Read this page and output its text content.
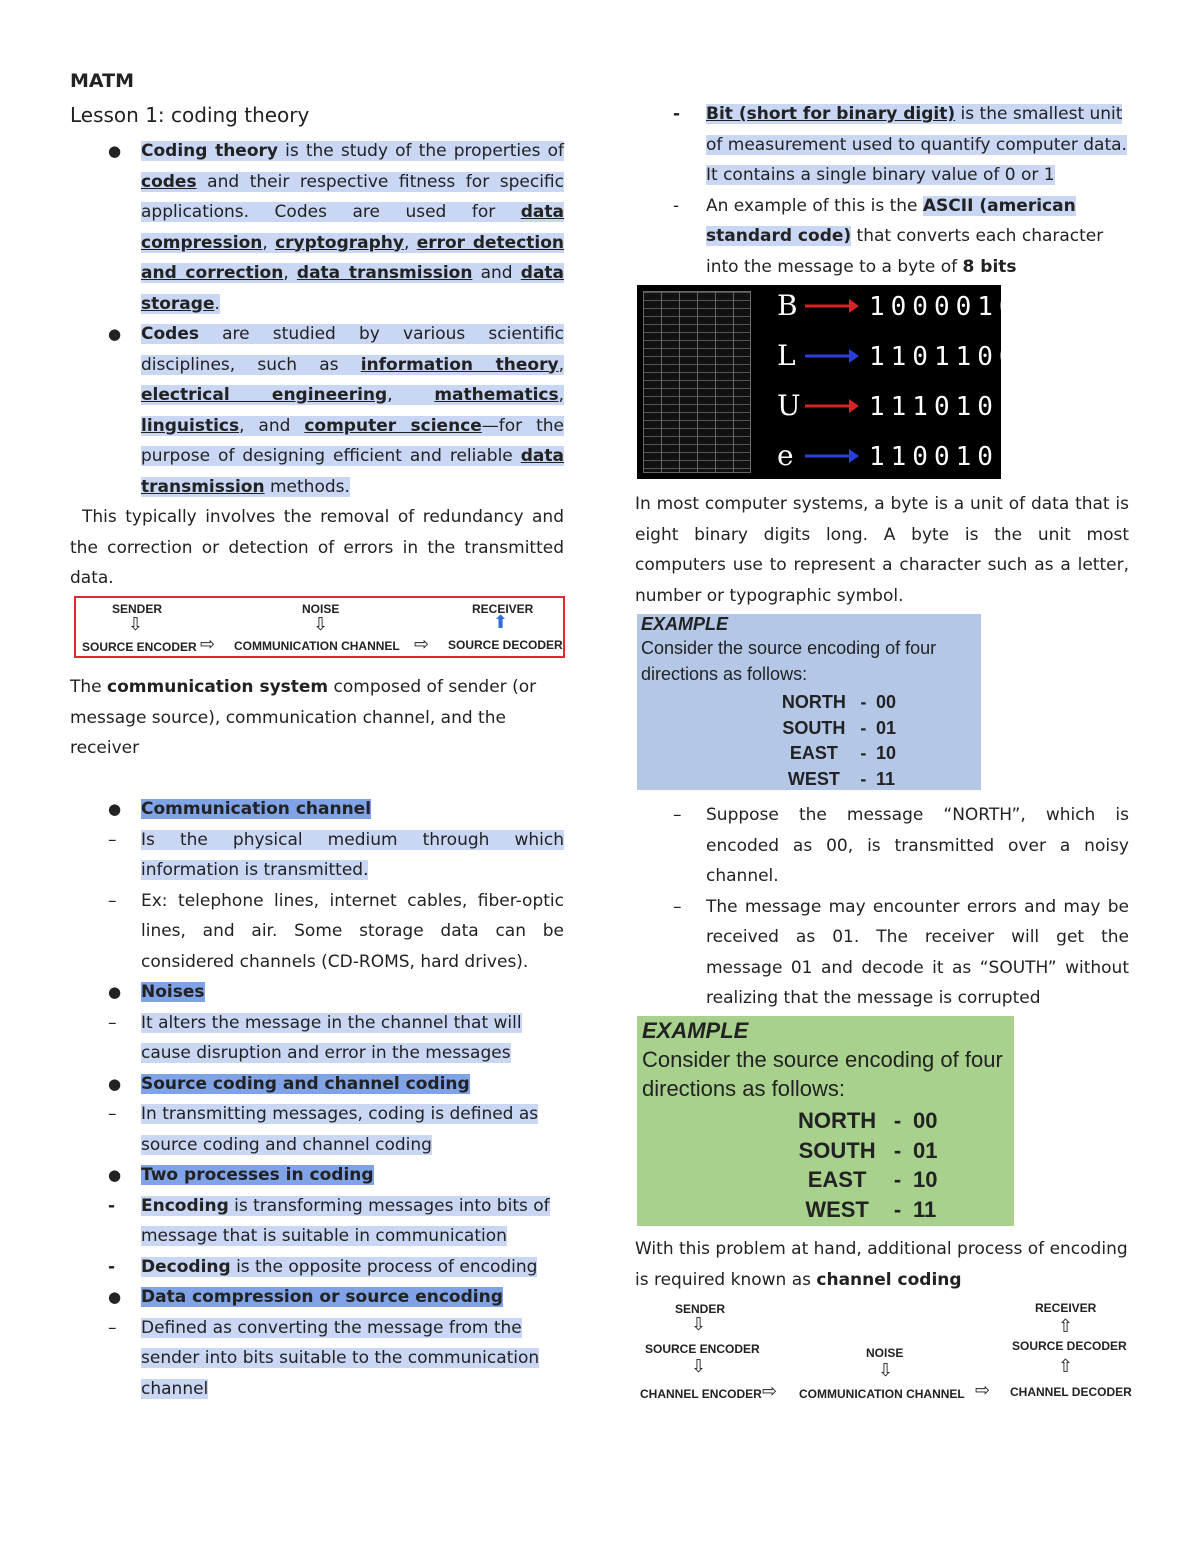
MATM
Lesson 1: coding theory
● Coding theory is the study of the properties of codes and their respective fitness for specific applications. Codes are used for data compression, cryptography, error detection and correction, data transmission and data storage.
● Codes are studied by various scientific disciplines, such as information theory, electrical engineering, mathematics, linguistics, and computer science—for the purpose of designing efficient and reliable data transmission methods.
This typically involves the removal of redundancy and the correction or detection of errors in the transmitted data.
SENDER	NOISE	RECEIVER
⇩	⇩	⬆
SOURCE ENCODER ⇨ COMMUNICATION CHANNEL ⇨ SOURCE DECODER
The communication system composed of sender (or message source), communication channel, and the receiver
● Communication channel
– Is the physical medium through which information is transmitted.
– Ex: telephone lines, internet cables, fiber-optic lines, and air. Some storage data can be considered channels (CD-ROMS, hard drives).
● Noises
– It alters the message in the channel that will cause disruption and error in the messages
● Source coding and channel coding
– In transmitting messages, coding is defined as source coding and channel coding
● Two processes in coding
- Encoding is transforming messages into bits of message that is suitable in communication
- Decoding is the opposite process of encoding
● Data compression or source encoding
– Defined as converting the message from the sender into bits suitable to the communication channel
- Bit (short for binary digit) is the smallest unit of measurement used to quantify computer data. It contains a single binary value of 0 or 1
- An example of this is the ASCII (american standard code) that converts each character into the message to a byte of 8 bits
B	1000010
L	1101100
U	1110101
e	1100101
In most computer systems, a byte is a unit of data that is eight binary digits long. A byte is the unit most computers use to represent a character such as a letter, number or typographic symbol.
EXAMPLE
Consider the source encoding of four
directions as follows:
NORTH - 00
SOUTH - 01
EAST - 10
WEST - 11
– Suppose the message “NORTH”, which is encoded as 00, is transmitted over a noisy channel.
– The message may encounter errors and may be received as 01. The receiver will get the message 01 and decode it as “SOUTH” without realizing that the message is corrupted
EXAMPLE
Consider the source encoding of four
directions as follows:
NORTH - 00
SOUTH - 01
EAST - 10
WEST - 11
With this problem at hand, additional process of encoding is required known as channel coding
SENDER	RECEIVER
⇩	⇧
SOURCE ENCODER	NOISE	SOURCE DECODER
⇩	⇩	⇧
CHANNEL ENCODER ⇨ COMMUNICATION CHANNEL ⇨ CHANNEL DECODER
